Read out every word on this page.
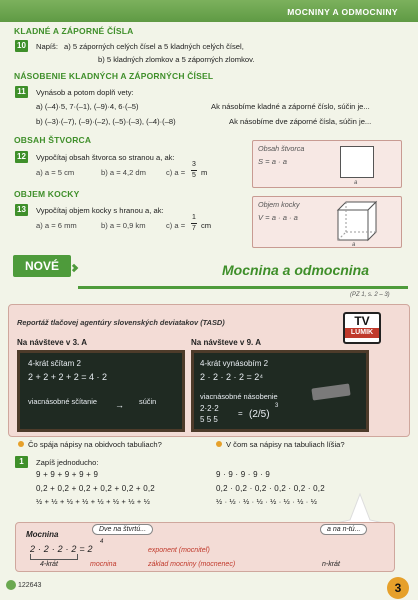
MOCNINY A ODMOCNINY
KLADNÉ A ZÁPORNÉ ČÍSLA
10 Napíš: a) 5 záporných celých čísel a 5 kladných celých čísel,
b) 5 kladných zlomkov a 5 záporných zlomkov.
NÁSOBENIE KLADNÝCH A ZÁPORNÝCH ČÍSEL
11 Vynásob a potom doplň vety:
a) (–4)·5, 7·(–1), (–9)·4, 6·(–5)	Ak násobíme kladné a záporné číslo, súčin je...
b) (–3)·(–7), (–9)·(–2), (–5)·(–3), (–4)·(–8)	Ak násobíme dve záporné čísla, súčin je...
OBSAH ŠTVORCA
12 Vypočítaj obsah štvorca so stranou a, ak:
a) a = 5 cm	b) a = 4,2 dm	c) a =
3
5 m
Obsah štvorca
S = a · a
a
OBJEM KOCKY
13 Vypočítaj objem kocky s hranou a, ak:
a) a = 6 mm	b) a = 0,9 km	c) a =
1
7 cm
Objem kocky
V = a · a · a
a
NOVÉ	Mocnina a odmocnina
(PZ 1, s. 2 – 3)
Reportáž tlačovej agentúry slovenských deviatakov (TASD)	TV
LUMIK
Na návšteve v 3. A	Na návšteve v 9. A
4-krát sčítam 2
2 + 2 + 2 + 2 = 4 · 2
viacnásobné sčítanie → súčin
4-krát vynásobím 2
2 · 2 · 2 · 2 = 2⁴
viacnásobné násobenie
2·2·2
5 5 5
= (2/5)
3
Čo spája nápisy na obidvoch tabuliach?	V čom sa nápisy na tabuliach líšia?
1	Zapíš jednoducho:
9 + 9 + 9 + 9 + 9	9 · 9 · 9 · 9 · 9
0,2 + 0,2 + 0,2 + 0,2 + 0,2 + 0,2	0,2 · 0,2 · 0,2 · 0,2 · 0,2 · 0,2
½ + ½ + ½ + ½ + ½ + ½ + ½ + ½	½ · ½ · ½ · ½ · ½ · ½ · ½ · ½
Mocnina
Dve na štvrtú...	a na n-tú...
2 · 2 · 2 · 2 = 2
4
4-krát	mocnina
exponent (mocniteľ)
základ mocniny (mocnenec)	n-krát
122643	3
